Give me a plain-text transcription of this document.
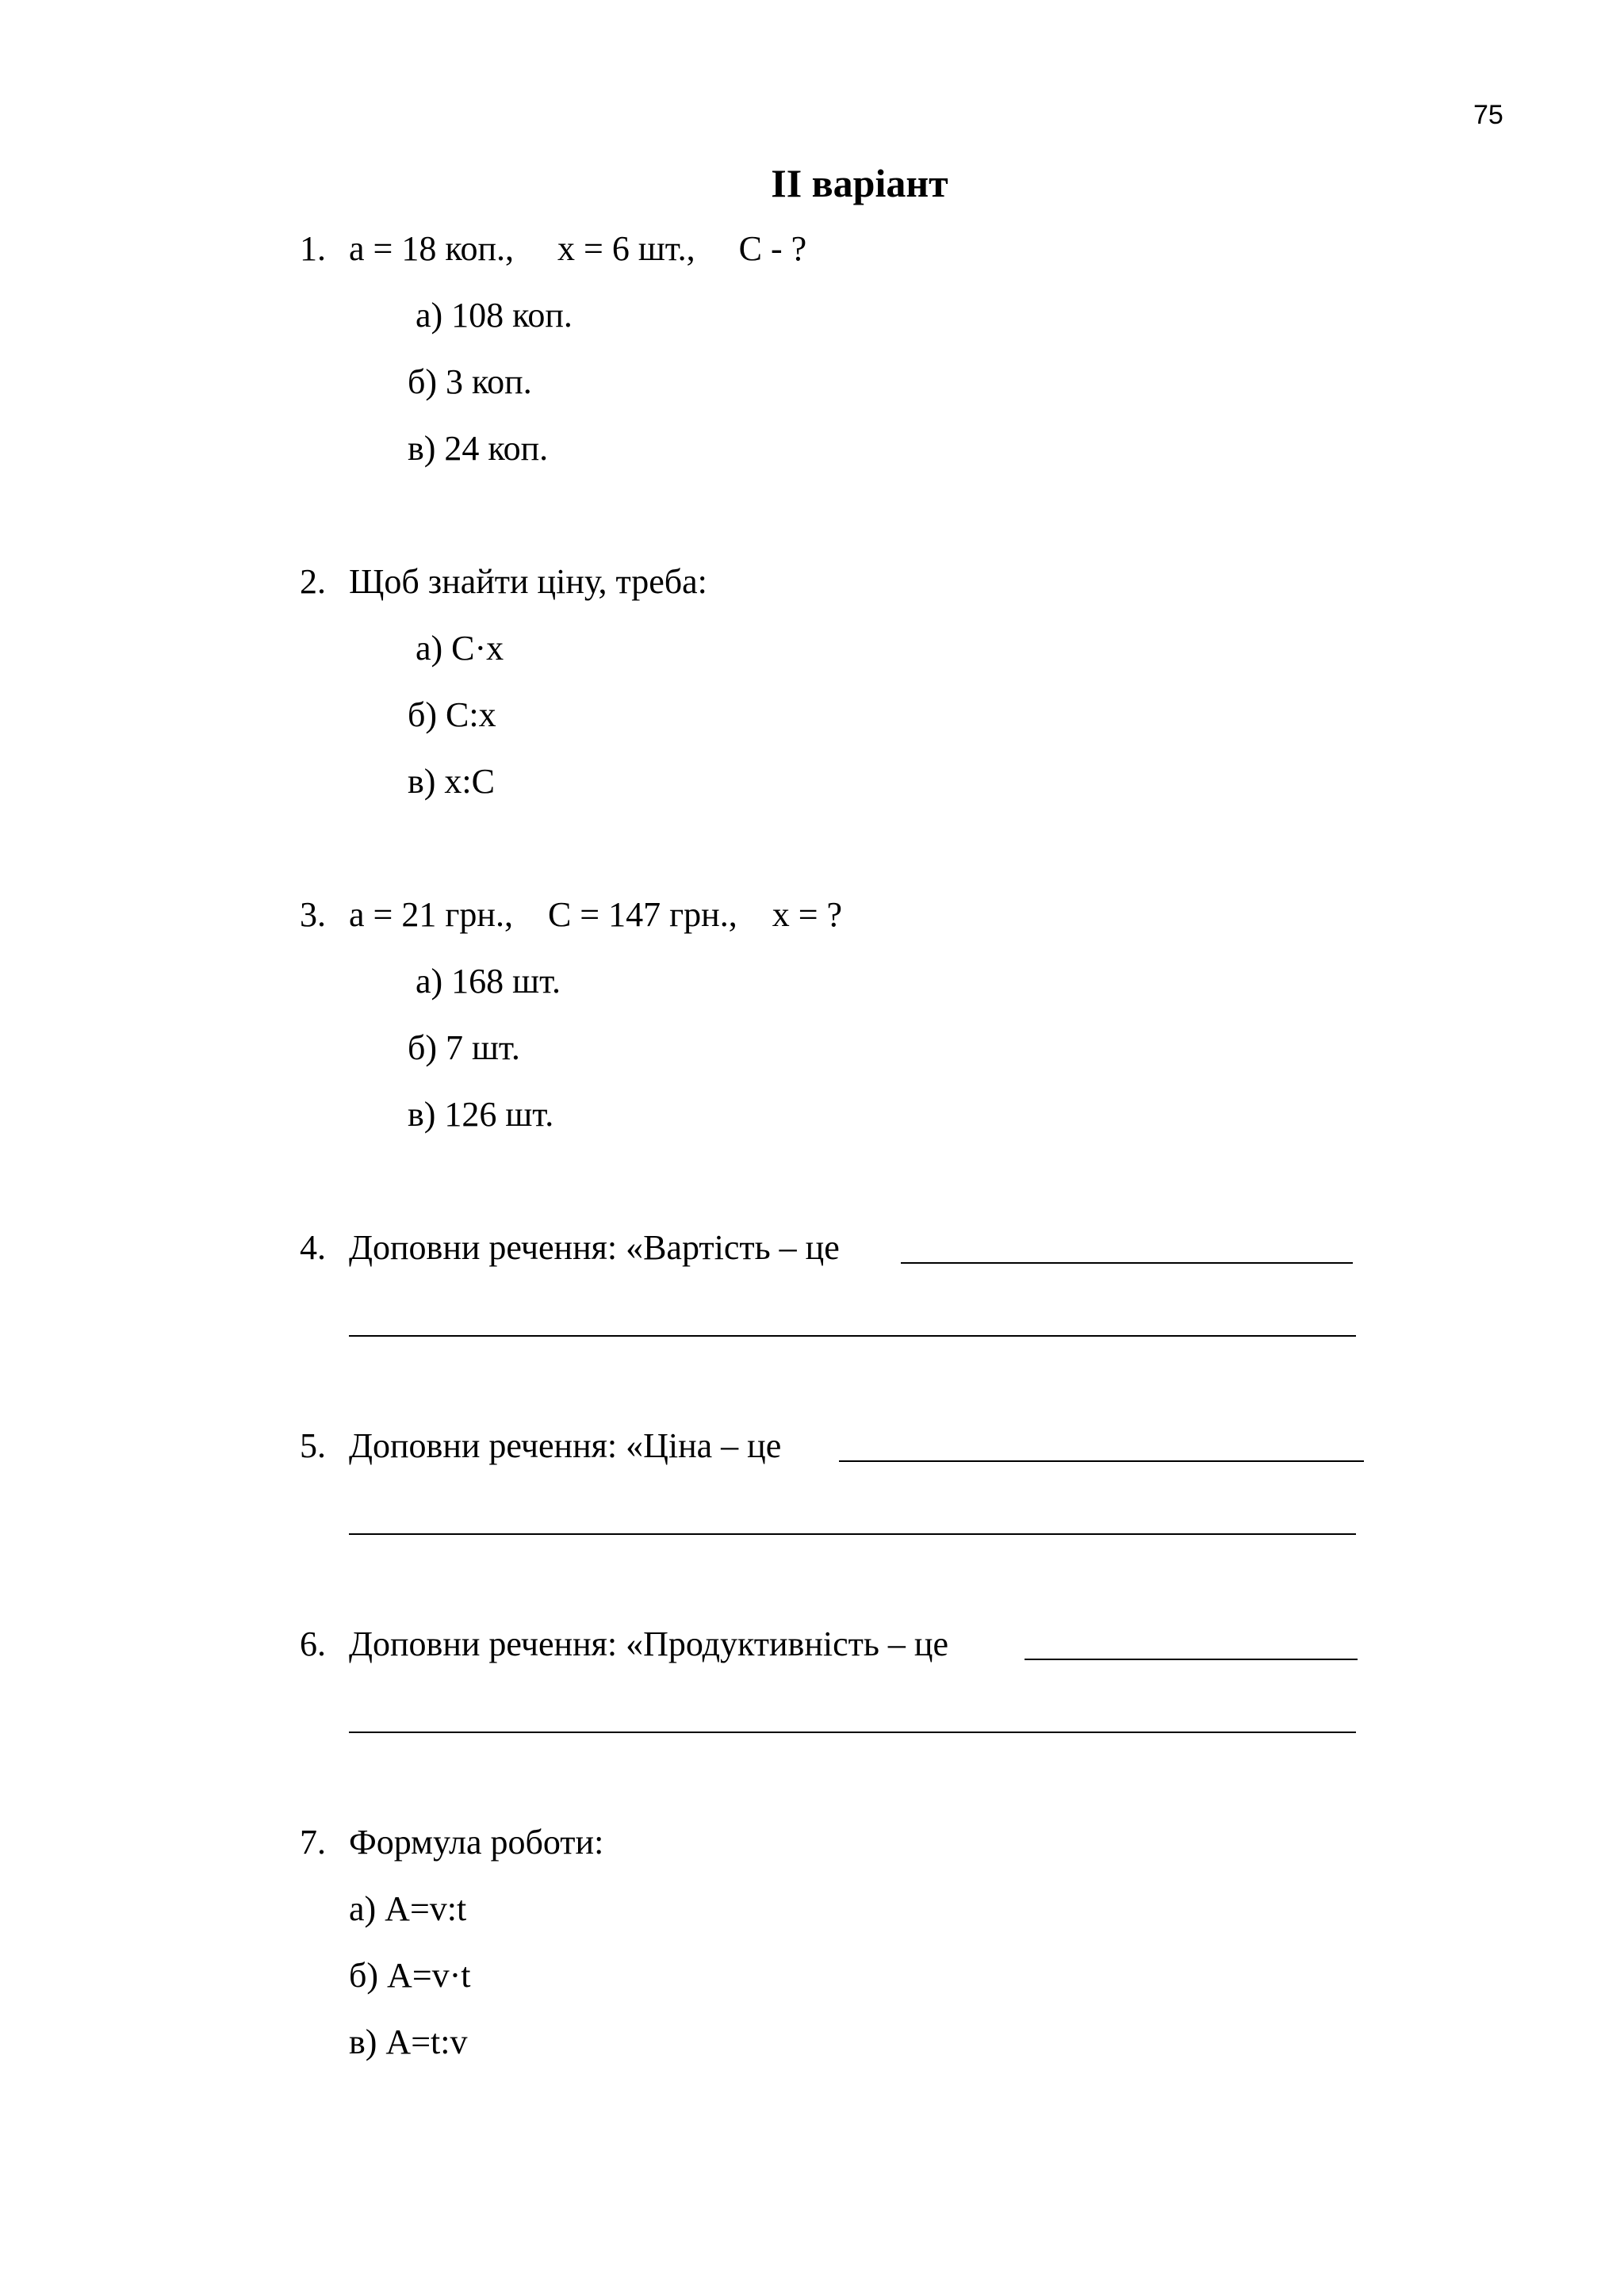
75
II варіант
1. a = 18 коп.,     x = 6 шт.,     C - ?
а) 108 коп.
б) 3 коп.
в) 24 коп.
2. Щоб знайти ціну, треба:
а) C·x
б) C:x
в) x:C
3. a = 21 грн.,    C = 147 грн.,    x = ?
а) 168 шт.
б) 7 шт.
в) 126 шт.
4. Доповни речення: «Вартість – це
5. Доповни речення: «Ціна – це
6. Доповни речення: «Продуктивність – це
7. Формула роботи:
а) A=v:t
б) A=v·t
в) A=t:v
